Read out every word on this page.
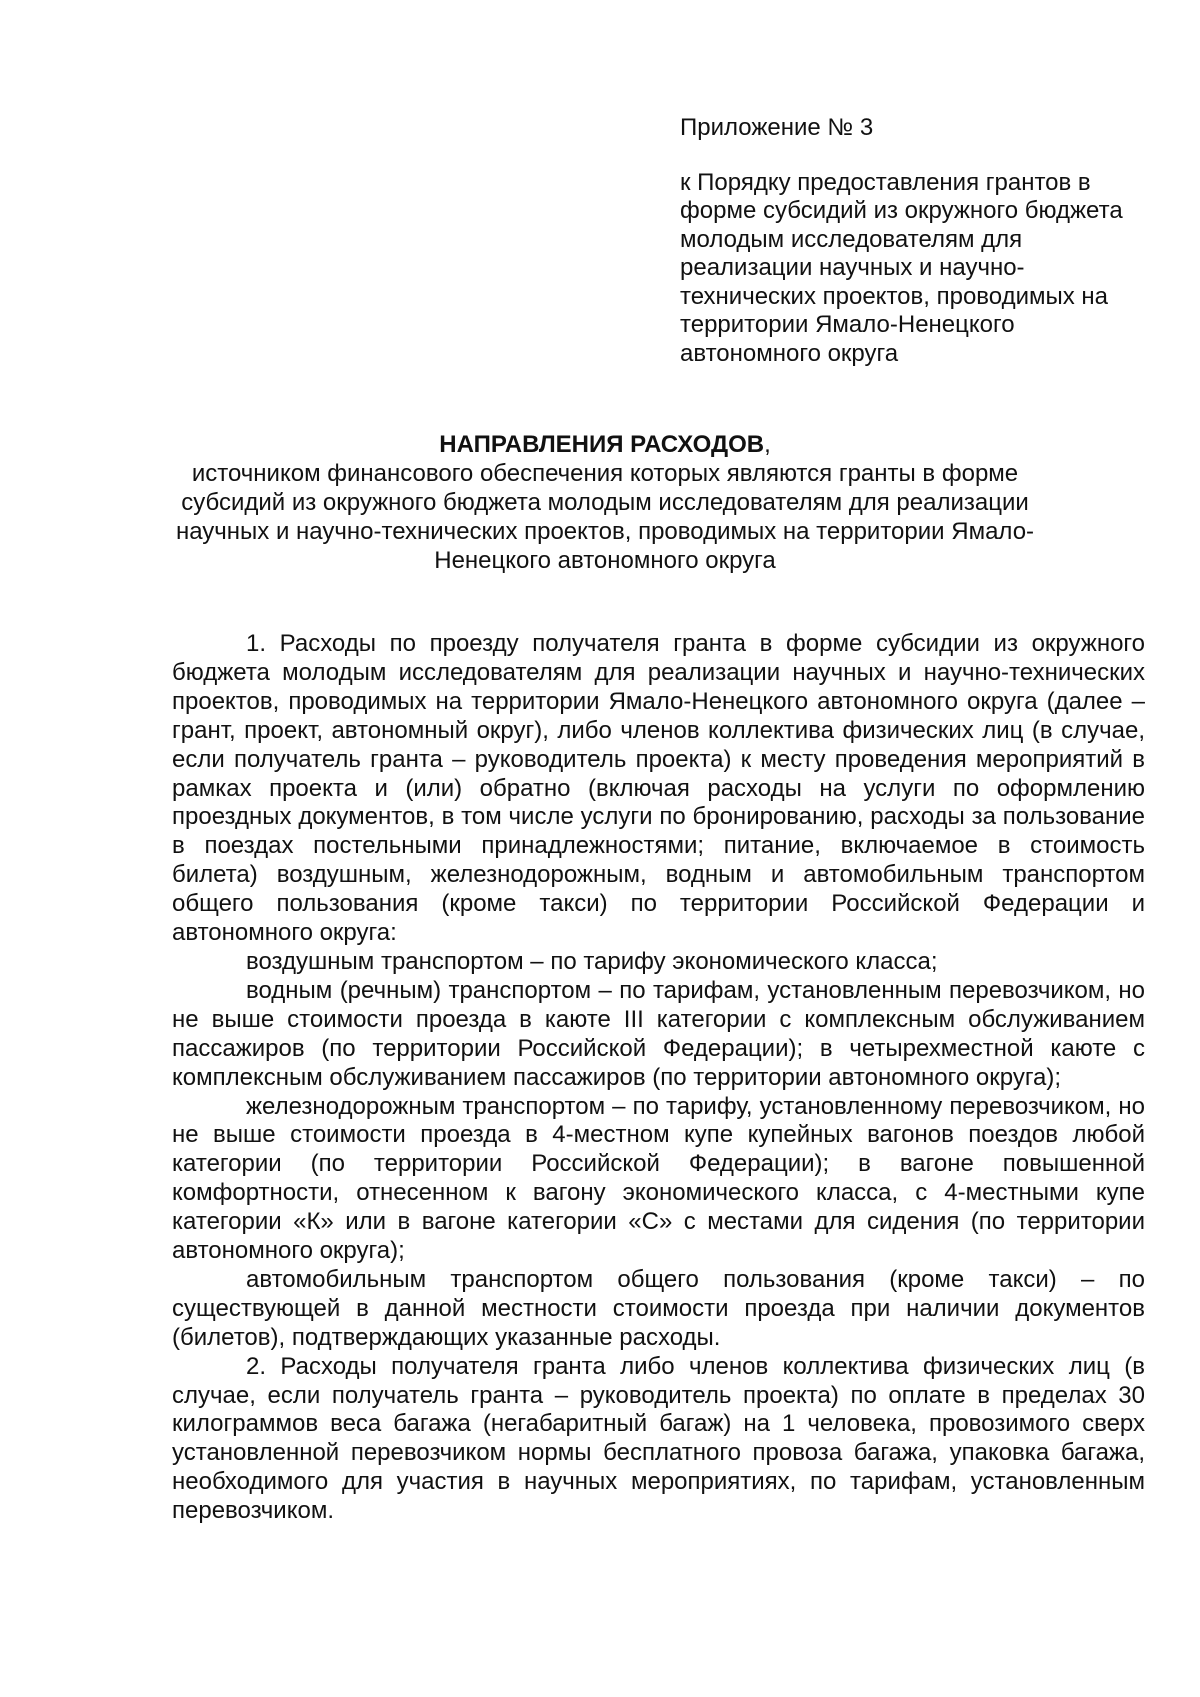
Приложение № 3

к Порядку предоставления грантов в форме субсидий из окружного бюджета молодым исследователям для реализации научных и научно-технических проектов, проводимых на территории Ямало-Ненецкого автономного округа

НАПРАВЛЕНИЯ РАСХОДОВ,
источником финансового обеспечения которых являются гранты в форме субсидий из окружного бюджета молодым исследователям для реализации научных и научно-технических проектов, проводимых на территории Ямало-Ненецкого автономного округа

1. Расходы по проезду получателя гранта в форме субсидии из окружного бюджета молодым исследователям для реализации научных и научно-технических проектов, проводимых на территории Ямало-Ненецкого автономного округа (далее – грант, проект, автономный округ), либо членов коллектива физических лиц (в случае, если получатель гранта – руководитель проекта) к месту проведения мероприятий в рамках проекта и (или) обратно (включая расходы на услуги по оформлению проездных документов, в том числе услуги по бронированию, расходы за пользование в поездах постельными принадлежностями; питание, включаемое в стоимость билета) воздушным, железнодорожным, водным и автомобильным транспортом общего пользования (кроме такси) по территории Российской Федерации и автономного округа:

воздушным транспортом – по тарифу экономического класса;

водным (речным) транспортом – по тарифам, установленным перевозчиком, но не выше стоимости проезда в каюте III категории с комплексным обслуживанием пассажиров (по территории Российской Федерации); в четырехместной каюте с комплексным обслуживанием пассажиров (по территории автономного округа);

железнодорожным транспортом – по тарифу, установленному перевозчиком, но не выше стоимости проезда в 4-местном купе купейных вагонов поездов любой категории (по территории Российской Федерации); в вагоне повышенной комфортности, отнесенном к вагону экономического класса, с 4-местными купе категории «К» или в вагоне категории «С» с местами для сидения (по территории автономного округа);

автомобильным транспортом общего пользования (кроме такси) – по существующей в данной местности стоимости проезда при наличии документов (билетов), подтверждающих указанные расходы.

2. Расходы получателя гранта либо членов коллектива физических лиц (в случае, если получатель гранта – руководитель проекта) по оплате в пределах 30 килограммов веса багажа (негабаритный багаж) на 1 человека, провозимого сверх установленной перевозчиком нормы бесплатного провоза багажа, упаковка багажа, необходимого для участия в научных мероприятиях, по тарифам, установленным перевозчиком.
